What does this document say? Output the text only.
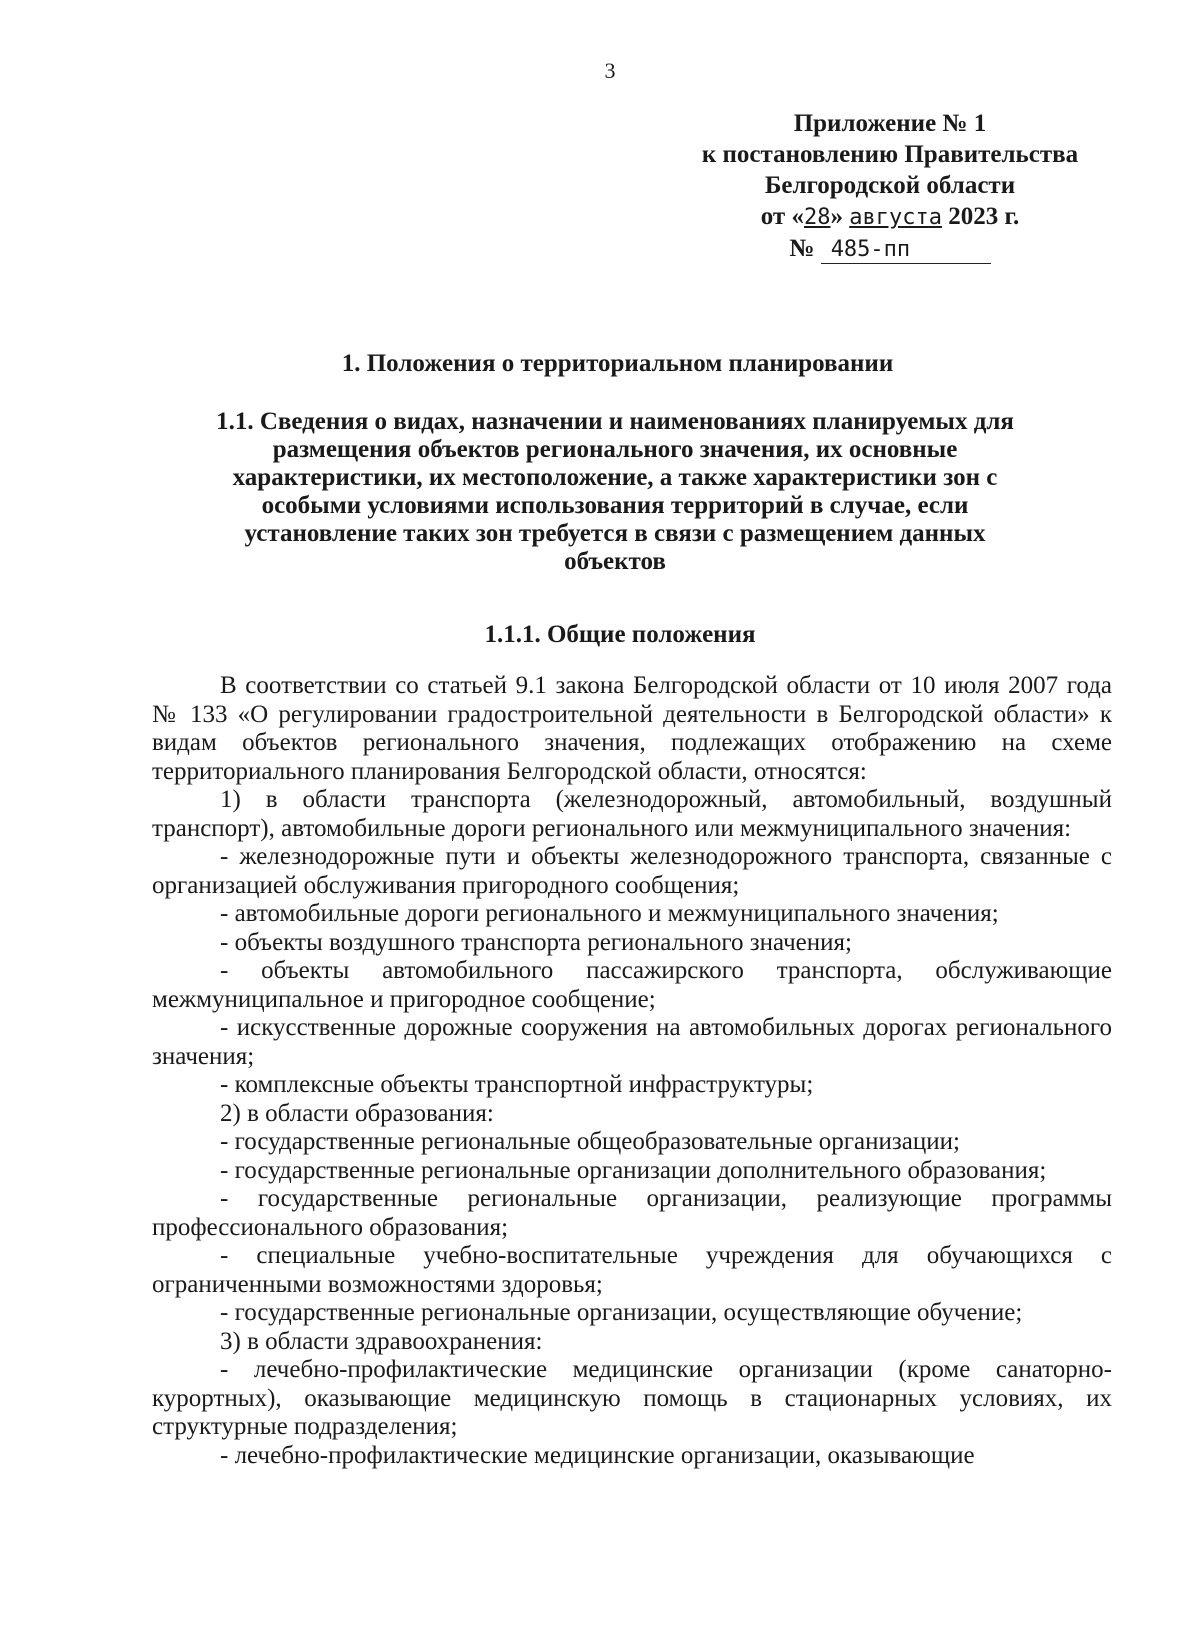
3
Приложение № 1
к постановлению Правительства
Белгородской области
от «28» августа 2023 г.
№ 485-пп
1. Положения о территориальном планировании
1.1. Сведения о видах, назначении и наименованиях планируемых для размещения объектов регионального значения, их основные характеристики, их местоположение, а также характеристики зон с особыми условиями использования территорий в случае, если установление таких зон требуется в связи с размещением данных объектов
1.1.1. Общие положения

В соответствии со статьей 9.1 закона Белгородской области от 10 июля 2007 года № 133 «О регулировании градостроительной деятельности в Белгородской области» к видам объектов регионального значения, подлежащих отображению на схеме территориального планирования Белгородской области, относятся:

1) в области транспорта (железнодорожный, автомобильный, воздушный транспорт), автомобильные дороги регионального или межмуниципального значения:

- железнодорожные пути и объекты железнодорожного транспорта, связанные с организацией обслуживания пригородного сообщения;

- автомобильные дороги регионального и межмуниципального значения;

- объекты воздушного транспорта регионального значения;

- объекты автомобильного пассажирского транспорта, обслуживающие межмуниципальное и пригородное сообщение;

- искусственные дорожные сооружения на автомобильных дорогах регионального значения;

- комплексные объекты транспортной инфраструктуры;

2) в области образования:

- государственные региональные общеобразовательные организации;

- государственные региональные организации дополнительного образования;

- государственные региональные организации, реализующие программы профессионального образования;

- специальные учебно-воспитательные учреждения для обучающихся с ограниченными возможностями здоровья;

- государственные региональные организации, осуществляющие обучение;

3) в области здравоохранения:

- лечебно-профилактические медицинские организации (кроме санаторно-курортных), оказывающие медицинскую помощь в стационарных условиях, их структурные подразделения;

- лечебно-профилактические медицинские организации, оказывающие
